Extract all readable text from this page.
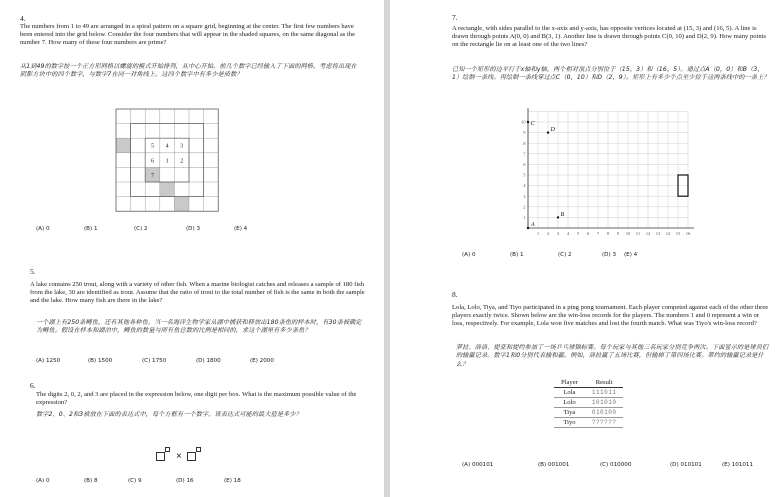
4.
The numbers from 1 to 49 are arranged in a spiral pattern on a square grid, beginning at the center. The first few numbers have been entered into the grid below. Consider the four numbers that will appear in the shaded squares, on the same diagonal as the number 7. How many of these four numbers are prime?
从1到49的数字按一个正方形网格以螺旋的模式开始排列，从中心开始。前几个数字已经输入了下面的网格。考虑将出现在阴影方块中的四个数字，与数字7在同一对角线上。这四个数字中有多少是质数？
5 4 3
6 1 2
7
(A) 0	(B) 1	(C) 2	(D) 3	(E) 4
5.
A lake contains 250 trout, along with a variety of other fish. When a marine biologist catches and releases a sample of 180 fish from the lake, 30 are identified as trout. Assume that the ratio of trout to the total number of fish is the same in both the sample and the lake. How many fish are there in the lake?
一个湖上有250条鳟鱼，还有其他各种鱼。当一名海洋生物学家从湖中捕获和释放出180条鱼的样本时，有30条被确定为鳟鱼。假设在样本和湖泊中，鳟鱼的数量与所有鱼总数的比例是相同的，求这个湖里有多少条鱼？
(A) 1250	(B) 1500	(C) 1750	(D) 1800	(E) 2000
6.
The digits 2, 0, 2, and 3 are placed in the expression below, one digit per box. What is the maximum possible value of the expression?
数字2、0、2和3被放在下面的表达式中，每个方框有一个数字。该表达式可能的最大值是多少？
×
(A) 0	(B) 8	(C) 9	(D) 16	(E) 18
7.
A rectangle, with sides parallel to the x-axis and y-axis, has opposite vertices located at (15, 3) and (16, 5). A line is drawn through points A(0, 0) and B(3, 1). Another line is drawn through points C(0, 10) and D(2, 9). How many points on the rectangle lie on at least one of the two lines?
已知一个矩形的边平行于x轴和y轴，两个相对顶点分别位于（15，3）和（16，5）。通过点A（0，0）和B（3，1）绘制一条线。再绘制一条线穿过点C（0，10）和D（2，9）。矩形上有多少个点至少位于这两条线中的一条上？
1 2 3 4 5 6 7 8 9 10 11 12 13 14 15 16
1
2
3
4
5
6
7
8
9
10
A
B
C
D
(A) 0	(B) 1	(C) 2	(D) 3 (E) 4
8.
Lola, Lolo, Tiya, and Tiyo participated in a ping pong tournament. Each player competed against each of the other three players exactly twice. Shown below are the win-loss records for the players. The numbers 1 and 0 represent a win or loss, respectively. For example, Lola won five matches and lost the fourth match. What was Tiyo's win-loss record?
萝拉、洛洛、提亚和提约参加了一场乒乓球锦标赛。每个玩家与其他三名玩家分别竞争两次。下面显示的是球员们的输赢记录。数字1和0分别代表输和赢。例如，洛拉赢了五场比赛，但输掉了第四场比赛。蒂约的输赢记录是什么？
Player	Result
Lola	111011
Lolo	101010
Tiya	010100
Tiyo	??????
(A) 000101	(B) 001001	(C) 010000	(D) 010101	(E) 101011
